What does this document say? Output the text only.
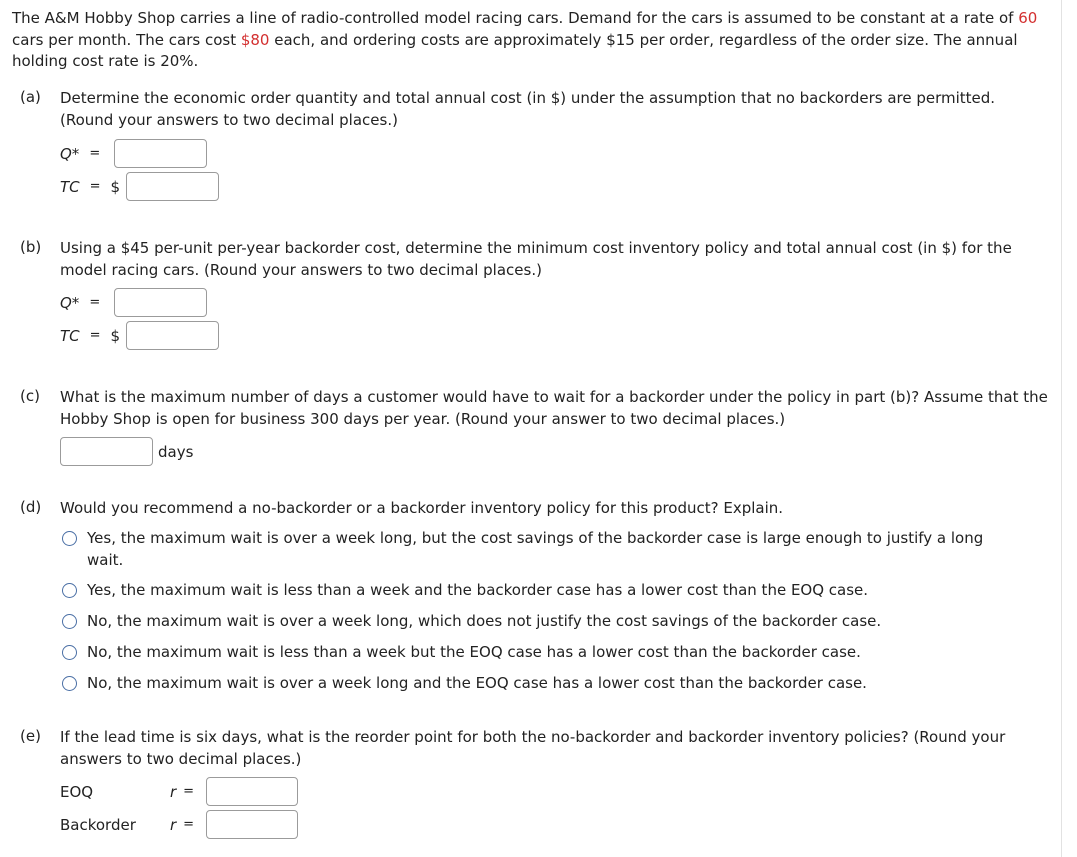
The A&M Hobby Shop carries a line of radio-controlled model racing cars. Demand for the cars is assumed to be constant at a rate of 60 cars per month. The cars cost $80 each, and ordering costs are approximately $15 per order, regardless of the order size. The annual holding cost rate is 20%.
(a) Determine the economic order quantity and total annual cost (in $) under the assumption that no backorders are permitted. (Round your answers to two decimal places.)
Q* =
TC = $
(b) Using a $45 per-unit per-year backorder cost, determine the minimum cost inventory policy and total annual cost (in $) for the model racing cars. (Round your answers to two decimal places.)
Q* =
TC = $
(c) What is the maximum number of days a customer would have to wait for a backorder under the policy in part (b)? Assume that the Hobby Shop is open for business 300 days per year. (Round your answer to two decimal places.)
days
(d) Would you recommend a no-backorder or a backorder inventory policy for this product? Explain.
Yes, the maximum wait is over a week long, but the cost savings of the backorder case is large enough to justify a long wait.
Yes, the maximum wait is less than a week and the backorder case has a lower cost than the EOQ case.
No, the maximum wait is over a week long, which does not justify the cost savings of the backorder case.
No, the maximum wait is less than a week but the EOQ case has a lower cost than the backorder case.
No, the maximum wait is over a week long and the EOQ case has a lower cost than the backorder case.
(e) If the lead time is six days, what is the reorder point for both the no-backorder and backorder inventory policies? (Round your answers to two decimal places.)
EOQ	r =
Backorder	r =
